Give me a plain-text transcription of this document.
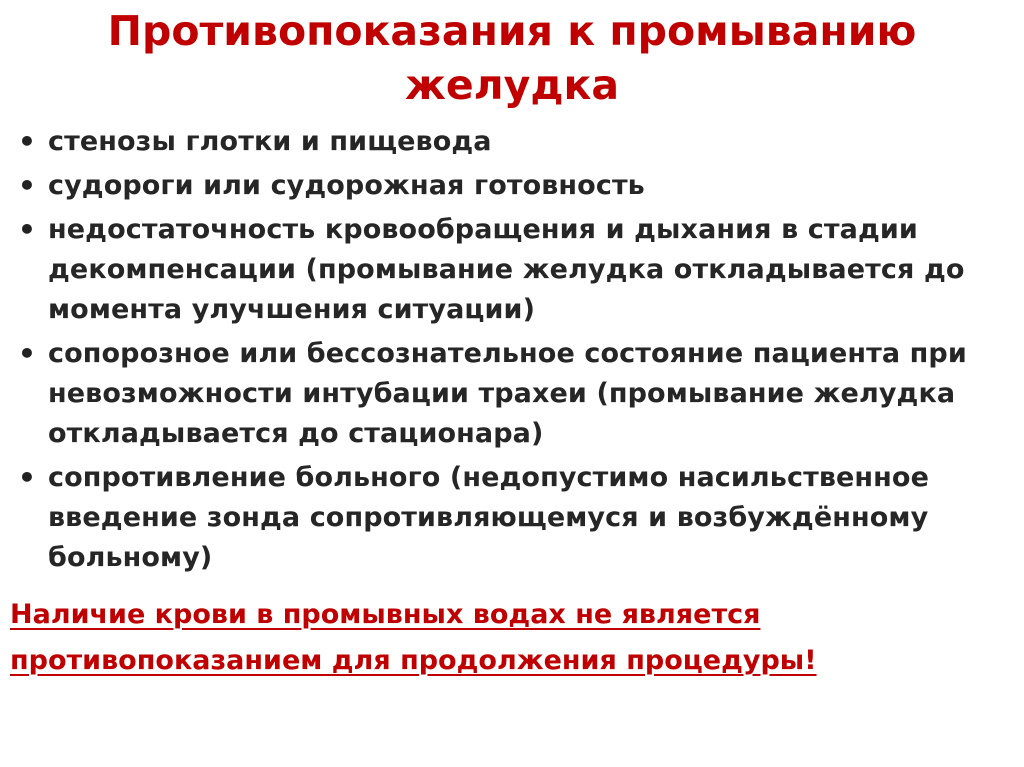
Противопоказания к промыванию желудка
• стенозы глотки и пищевода
• судороги или судорожная готовность
• недостаточность кровообращения и дыхания в стадии декомпенсации (промывание желудка откладывается до момента улучшения ситуации)
• сопорозное или бессознательное состояние пациента при невозможности интубации трахеи (промывание желудка откладывается до стационара)
• сопротивление больного (недопустимо насильственное введение зонда сопротивляющемуся и возбуждённому больному)

Наличие крови в промывных водах не является
противопоказанием для продолжения процедуры!
